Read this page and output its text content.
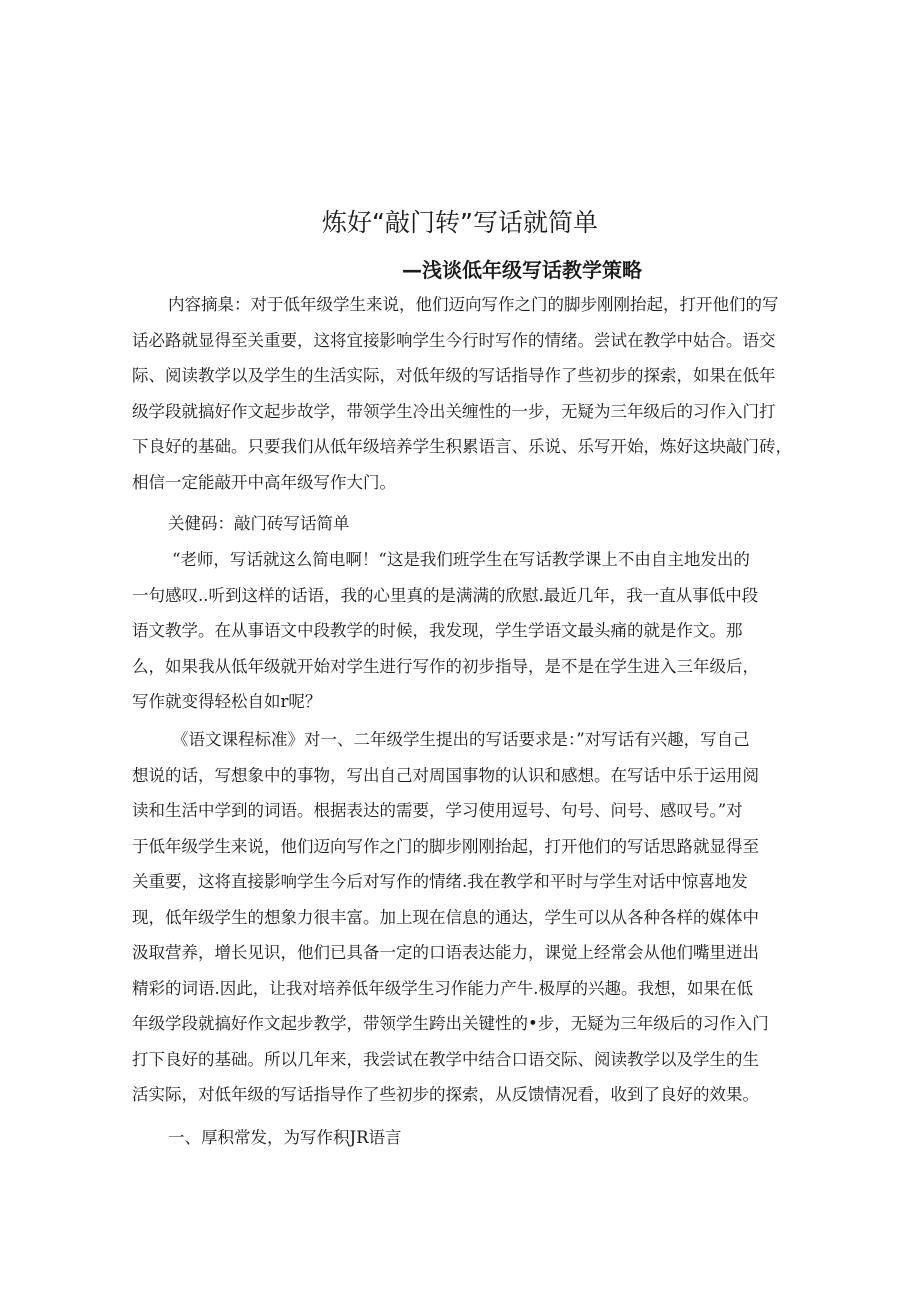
炼好“敲门转”写话就简单
—浅谈低年级写话教学策略
内容摘臬：对于低年级学生来说，他们迈向写作之门的脚步刚刚抬起，打开他们的写
话必路就显得至关重要，这将宜接影响学生今行时写作的情绪。尝试在教学中姑合。语交
际、阅读教学以及学生的生活实际，对低年级的写话指导作了些初步的探索，如果在低年
级学段就搞好作文起步故学，带领学生冷出关缠性的一步，无疑为三年级后的习作入门打
下良好的基础。只要我们从低年级培养学生积累语言、乐说、乐写开始，炼好这块敲门砖，
相信一定能敲开中高年级写作大门。

关健码：敲门砖写话简单

“老师，写话就这么简电啊！“这是我们班学生在写话教学课上不由自主地发出的
一句感叹..听到这样的话语，我的心里真的是满满的欣慰.最近几年，我一直从事低中段
语文教学。在从事语文中段教学的时候，我发现，学生学语文最头痛的就是作文。那
么，如果我从低年级就开始对学生进行写作的初步指导，是不是在学生进入三年级后，
写作就变得轻松自如r呢？
《语文课程标准》对一、二年级学生提出的写话要求是：”对写话有兴趣，写自己
想说的话，写想象中的事物，写出自己对周国事物的认识和感想。在写话中乐于运用阅
读和生活中学到的词语。根据表达的需要，学习使用逗号、句号、问号、感叹号。”对
于低年级学生来说，他们迈向写作之门的脚步刚刚抬起，打开他们的写话思路就显得至
关重要，这将直接影响学生今后对写作的情绪.我在教学和平时与学生对话中惊喜地发
现，低年级学生的想象力很丰富。加上现在信息的通达，学生可以从各种各样的媒体中
汲取营养，增长见识，他们已具备一定的口语表达能力，课觉上经常会从他们嘴里迸出
精彩的词语.因此，让我对培养低年级学生习作能力产牛.极厚的兴趣。我想，如果在低
年级学段就搞好作文起步教学，带领学生跨出关键性的•步，无疑为三年级后的习作入门
打下良好的基础。所以几年来，我尝试在教学中结合口语交际、阅读教学以及学生的生
活实际，对低年级的写话指导作了些初步的探索，从反馈情况看，收到了良好的效果。

一、厚积常发，为写作积JR语言
